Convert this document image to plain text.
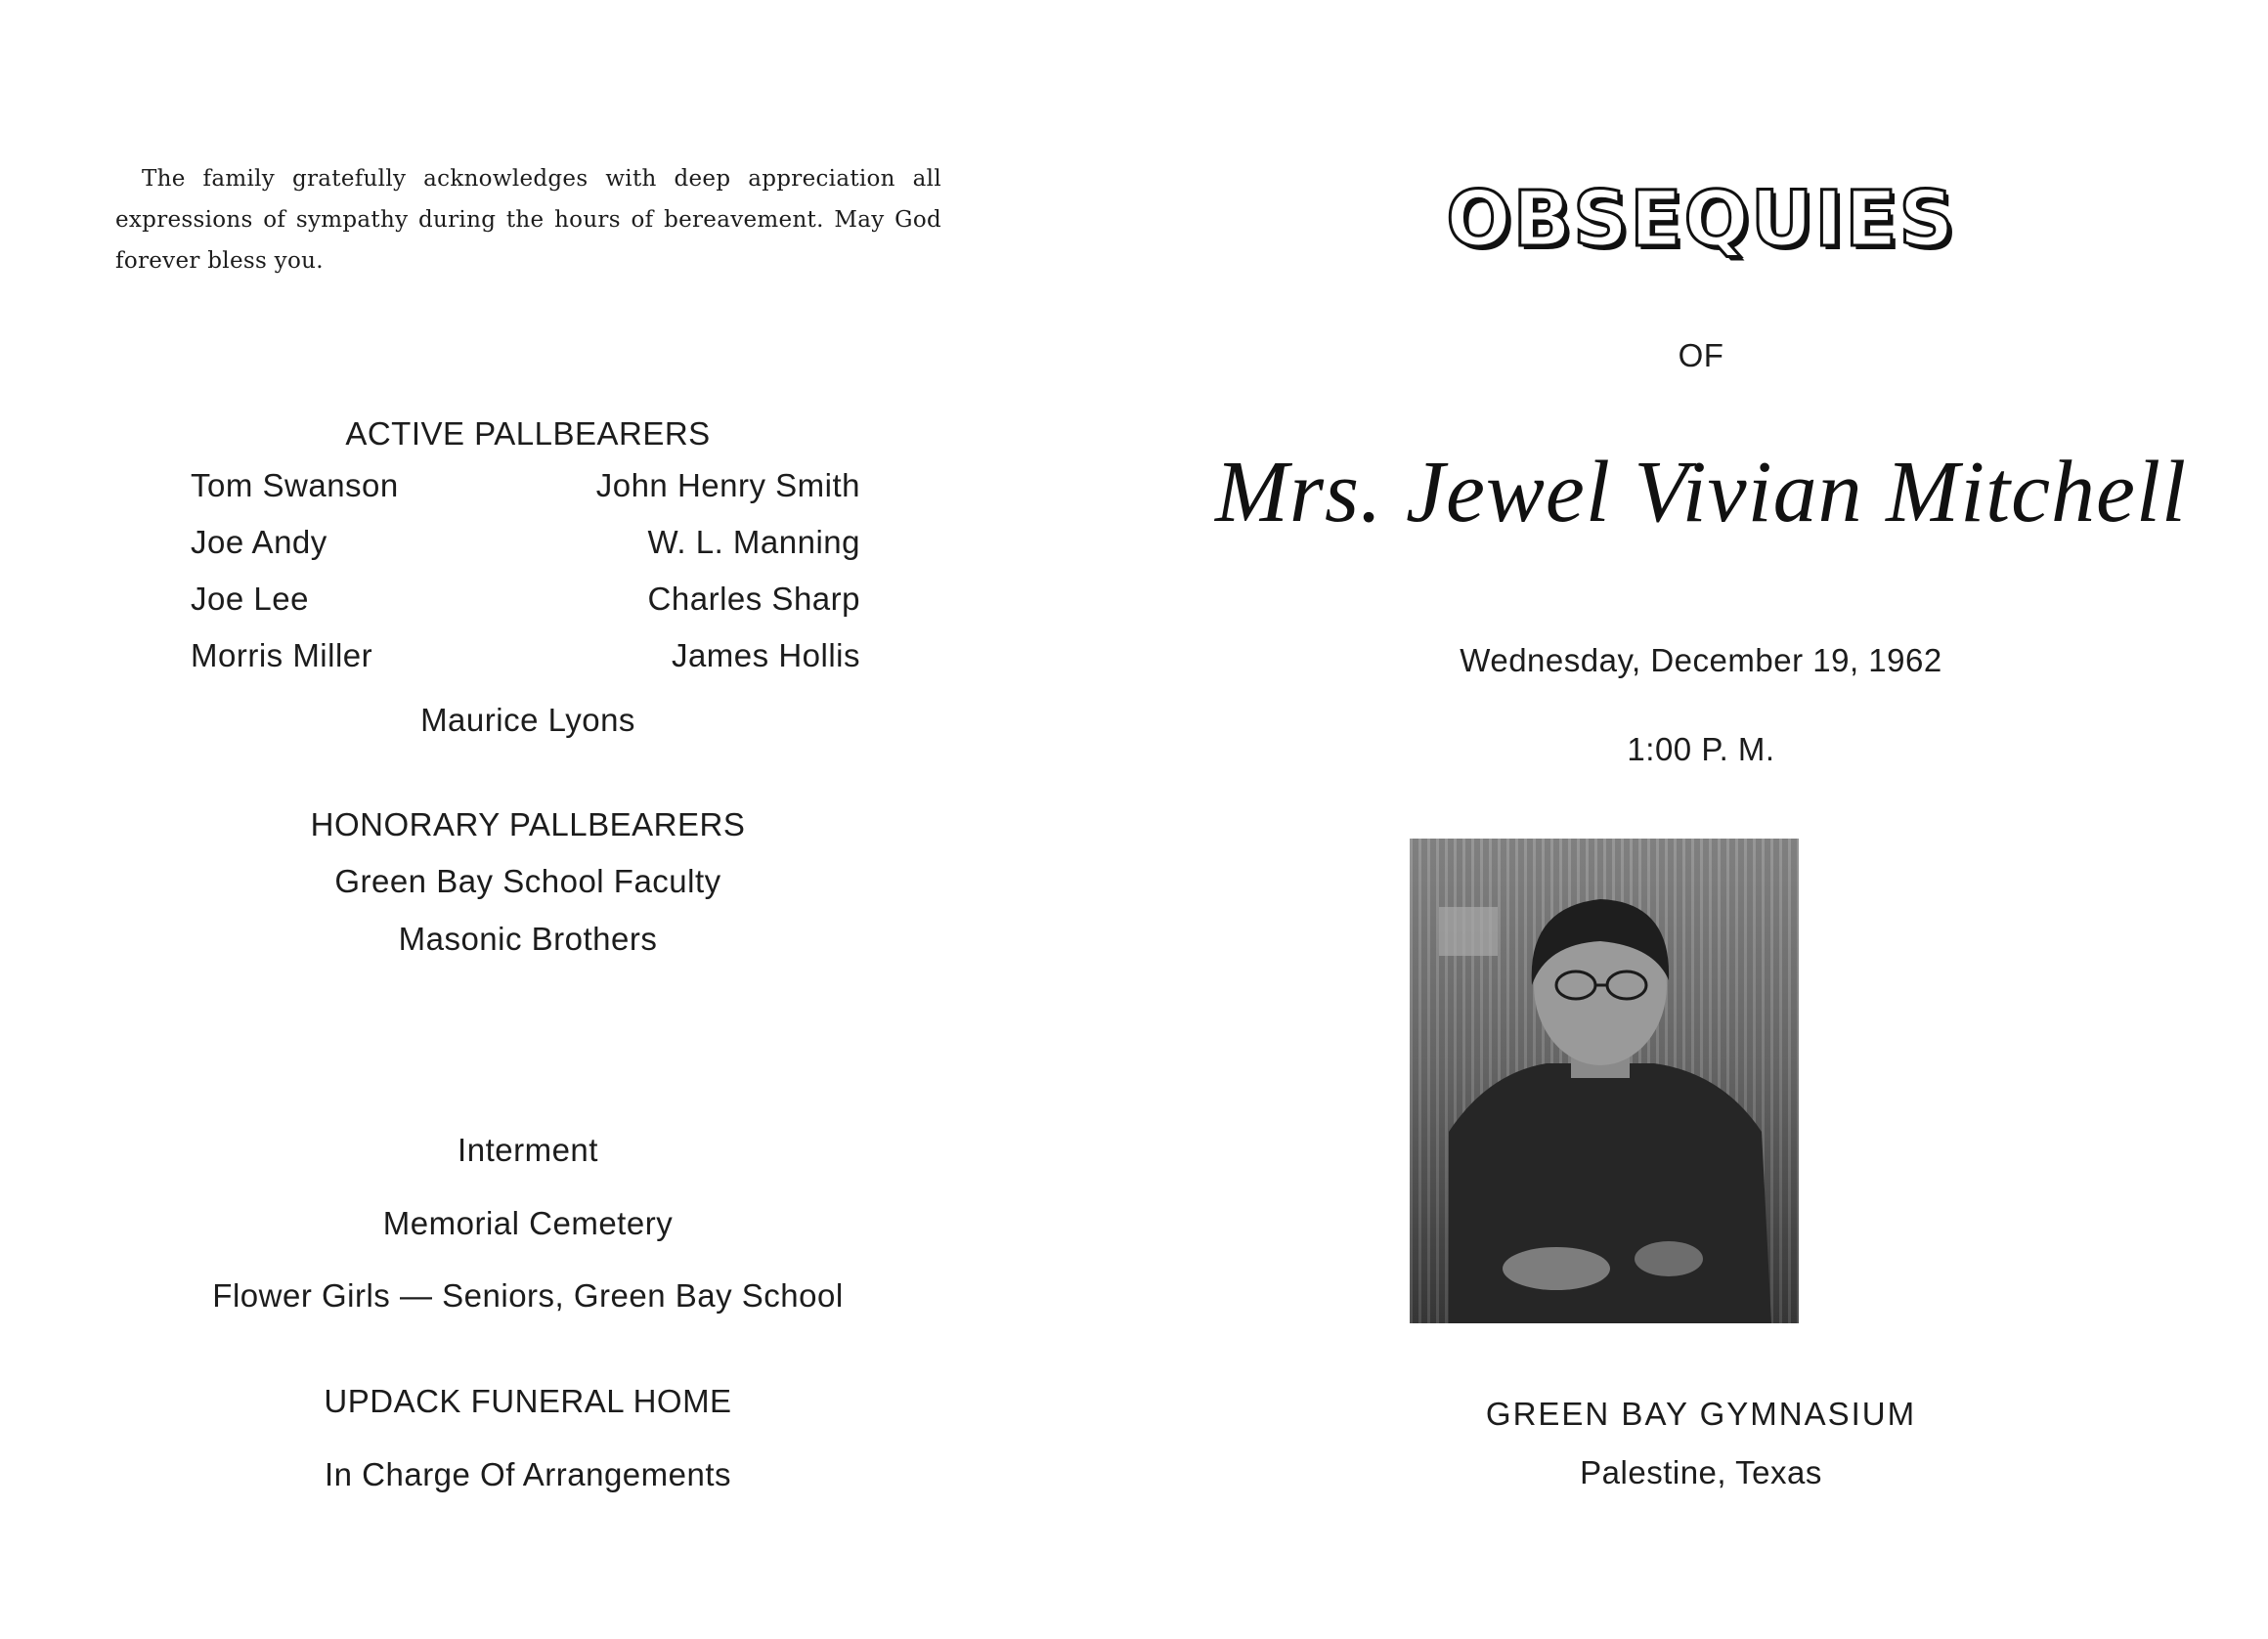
The family gratefully acknowledges with deep appreciation all expressions of sympathy during the hours of bereavement. May God forever bless you.

ACTIVE PALLBEARERS

Tom Swanson	John Henry Smith
Joe Andy	W. L. Manning
Joe Lee	Charles Sharp
Morris Miller	James Hollis

Maurice Lyons

HONORARY PALLBEARERS

Green Bay School Faculty

Masonic Brothers

Interment

Memorial Cemetery

Flower Girls — Seniors, Green Bay School

UPDACK FUNERAL HOME

In Charge Of Arrangements

OBSEQUIES

OF

Mrs. Jewel Vivian Mitchell

Wednesday, December 19, 1962

1:00 P. M.

GREEN BAY GYMNASIUM

Palestine, Texas
